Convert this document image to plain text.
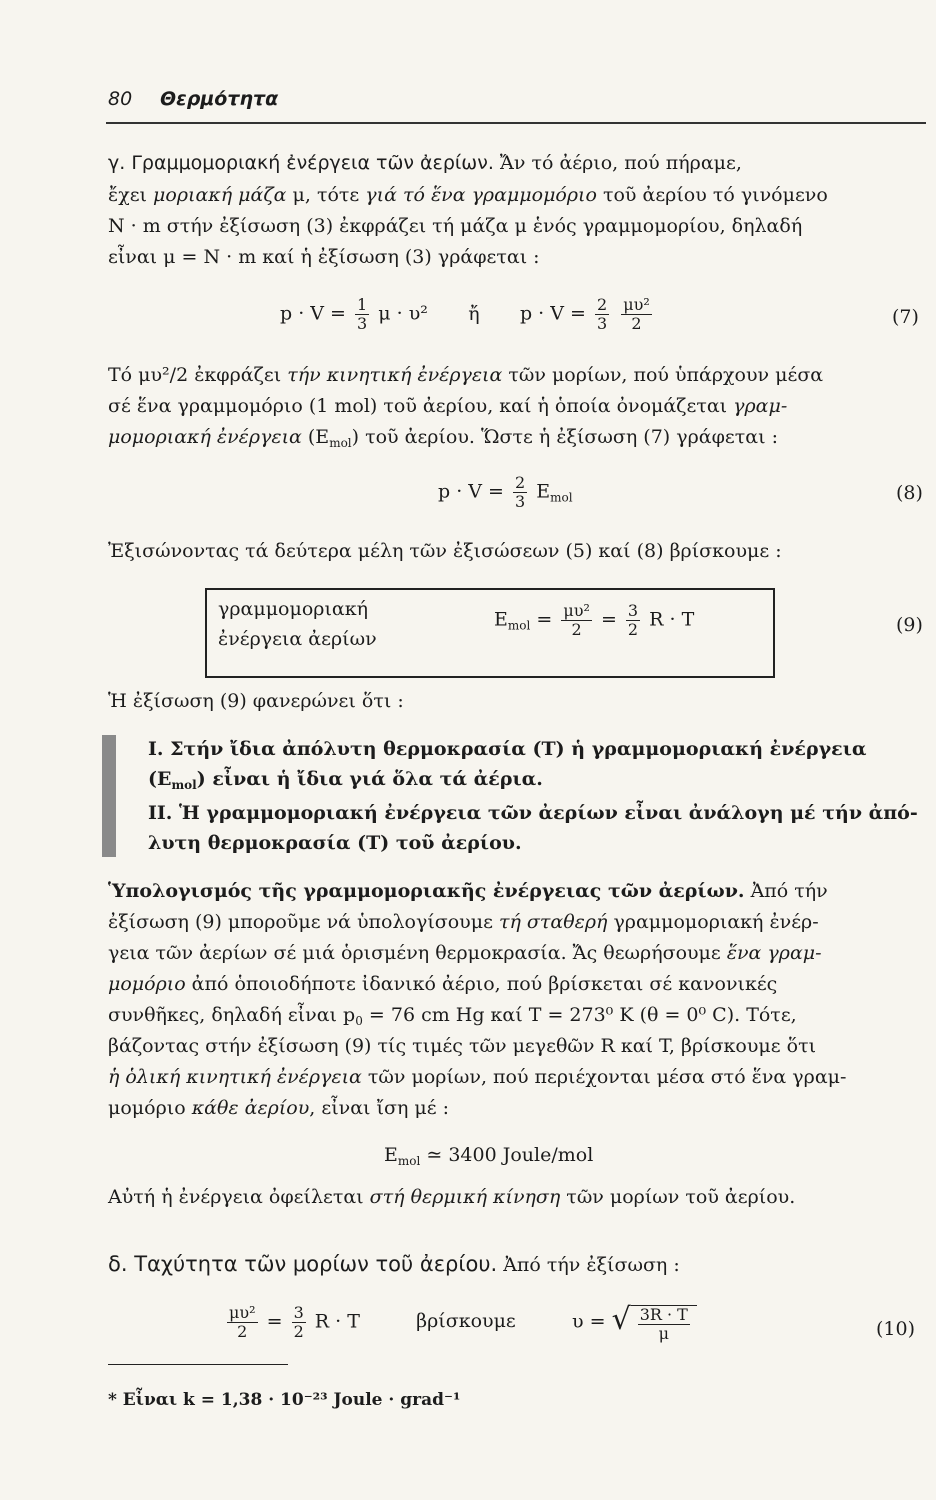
80 Θερμότητα
γ. Γραμμομοριακή ἐνέργεια τῶν ἀερίων. Ἄν τό ἀέριο, πού πήραμε,
ἔχει μοριακή μάζα μ, τότε γιά τό ἕνα γραμμομόριο τοῦ ἀερίου τό γινόμενο
N · m στήν ἐξίσωση (3) ἐκφράζει τή μάζα μ ἑνός γραμμομορίου, δηλαδή
εἶναι μ = N · m καί ἡ ἐξίσωση (3) γράφεται :
$p \cdot V = \frac{1}{3}$ μ · υ² ἤ $p \cdot V = \frac{2}{3}$
$\frac{\text{μυ²}}{2}$	(7)
Τό μυ²/2 ἐκφράζει τήν κινητική ἐνέργεια τῶν μορίων, πού ὑπάρχουν μέσα
σέ ἕνα γραμμομόριο (1 mol) τοῦ ἀερίου, καί ἡ ὁποία ὀνομάζεται γραμ-
μομοριακή ἐνέργεια $(E_{mol})$ τοῦ ἀερίου. Ὥστε ἡ ἐξίσωση (7) γράφεται :
$p \cdot V = \frac{2}{3} E_{mol}$	(8)
Ἐξισώνοντας τά δεύτερα μέλη τῶν ἐξισώσεων (5) καί (8) βρίσκουμε :
γραμμομοριακή
ἐνέργεια ἀερίων
$E_{mol} = \frac{\text{μυ²}}{2} = \frac{3}{2}$ R · T	(9)
Ἡ ἐξίσωση (9) φανερώνει ὅτι :
I. Στήν ἴδια ἀπόλυτη θερμοκρασία (T) ἡ γραμμομοριακή ἐνέργεια
$(E_{mol})$ εἶναι ἡ ἴδια γιά ὅλα τά ἀέρια.
II. Ἡ γραμμομοριακή ἐνέργεια τῶν ἀερίων εἶναι ἀνάλογη μέ τήν ἀπό-
λυτη θερμοκρασία (T) τοῦ ἀερίου.
Ὑπολογισμός τῆς γραμμομοριακῆς ἐνέργειας τῶν ἀερίων. Ἀπό τήν
ἐξίσωση (9) μποροῦμε νά ὑπολογίσουμε τή σταθερή γραμμομοριακή ἐνέρ-
γεια τῶν ἀερίων σέ μιά ὁρισμένη θερμοκρασία. Ἄς θεωρήσουμε ἕνα γραμ-
μομόριο ἀπό ὁποιοδήποτε ἰδανικό ἀέριο, πού βρίσκεται σέ κανονικές
συνθῆκες, δηλαδή εἶναι $p_0 = 76$ cm Hg καί T = 273⁰ K (θ = 0⁰ C). Τότε,
βάζοντας στήν ἐξίσωση (9) τίς τιμές τῶν μεγεθῶν R καί T, βρίσκουμε ὅτι
ἡ ὁλική κινητική ἐνέργεια τῶν μορίων, πού περιέχονται μέσα στό ἕνα γραμ-
μομόριο κάθε ἀερίου, εἶναι ἴση μέ :
$E_{mol}$ ≃ 3400 Joule/mol
Αὐτή ἡ ἐνέργεια ὀφείλεται στή θερμική κίνηση τῶν μορίων τοῦ ἀερίου.
δ. Ταχύτητα τῶν μορίων τοῦ ἀερίου. Ἀπό τήν ἐξίσωση :
$\frac{\text{μυ²}}{2} = \frac{3}{2}$ R · T	βρίσκουμε	υ = √ $\frac{3R \cdot T}{\mu}$	(10)
* Εἶναι k = 1,38 · 10⁻²³ Joule · grad⁻¹
